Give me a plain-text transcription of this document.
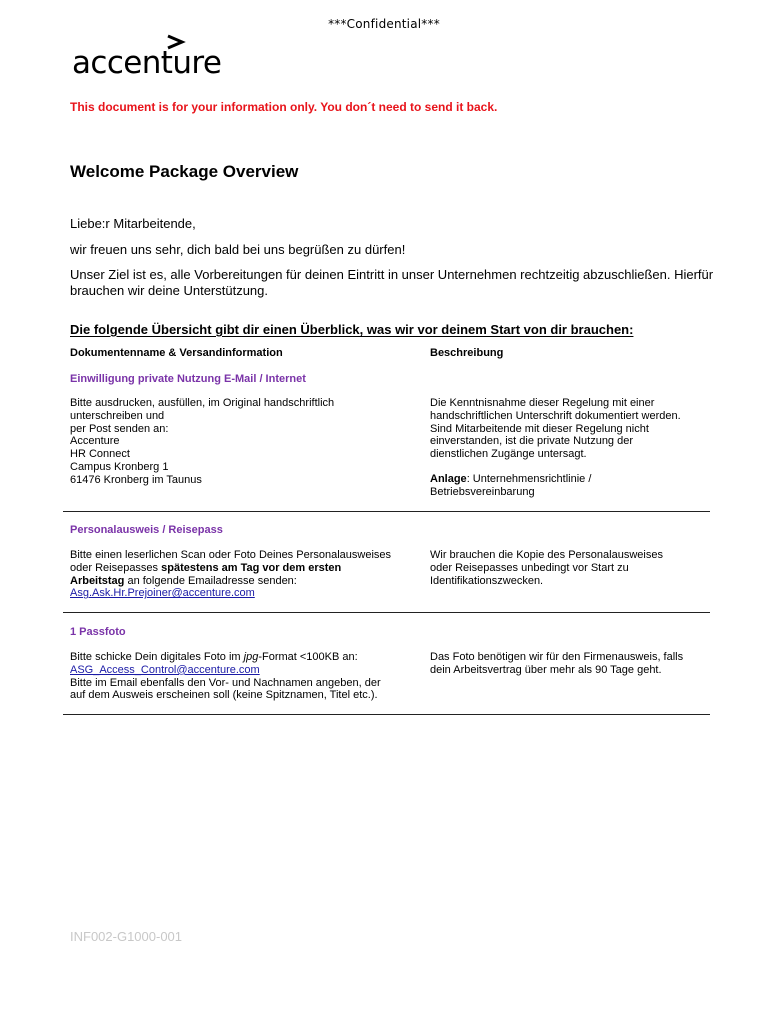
***Confidential***
accenture
This document is for your information only. You don´t need to send it back.
Welcome Package Overview
Liebe:r Mitarbeitende,
wir freuen uns sehr, dich bald bei uns begrüßen zu dürfen!
Unser Ziel ist es, alle Vorbereitungen für deinen Eintritt in unser Unternehmen rechtzeitig abzuschließen. Hierfür brauchen wir deine Unterstützung.
Die folgende Übersicht gibt dir einen Überblick, was wir vor deinem Start von dir brauchen:
Dokumentenname & Versandinformation	Beschreibung
Einwilligung private Nutzung E-Mail / Internet
Bitte ausdrucken, ausfüllen, im Original handschriftlich
unterschreiben und
per Post senden an:
Accenture
HR Connect
Campus Kronberg 1
61476 Kronberg im Taunus
Die Kenntnisnahme dieser Regelung mit einer
handschriftlichen Unterschrift dokumentiert werden.
Sind Mitarbeitende mit dieser Regelung nicht
einverstanden, ist die private Nutzung der
dienstlichen Zugänge untersagt.
Anlage: Unternehmensrichtlinie /
Betriebsvereinbarung
Personalausweis / Reisepass
Bitte einen leserlichen Scan oder Foto Deines Personalausweises
oder Reisepasses spätestens am Tag vor dem ersten
Arbeitstag an folgende Emailadresse senden:
Asg.Ask.Hr.Prejoiner@accenture.com
Wir brauchen die Kopie des Personalausweises
oder Reisepasses unbedingt vor Start zu
Identifikationszwecken.
1 Passfoto
Bitte schicke Dein digitales Foto im jpg-Format <100KB an:
ASG_Access_Control@accenture.com
Bitte im Email ebenfalls den Vor- und Nachnamen angeben, der
auf dem Ausweis erscheinen soll (keine Spitznamen, Titel etc.).
Das Foto benötigen wir für den Firmenausweis, falls
dein Arbeitsvertrag über mehr als 90 Tage geht.
INF002-G1000-001
